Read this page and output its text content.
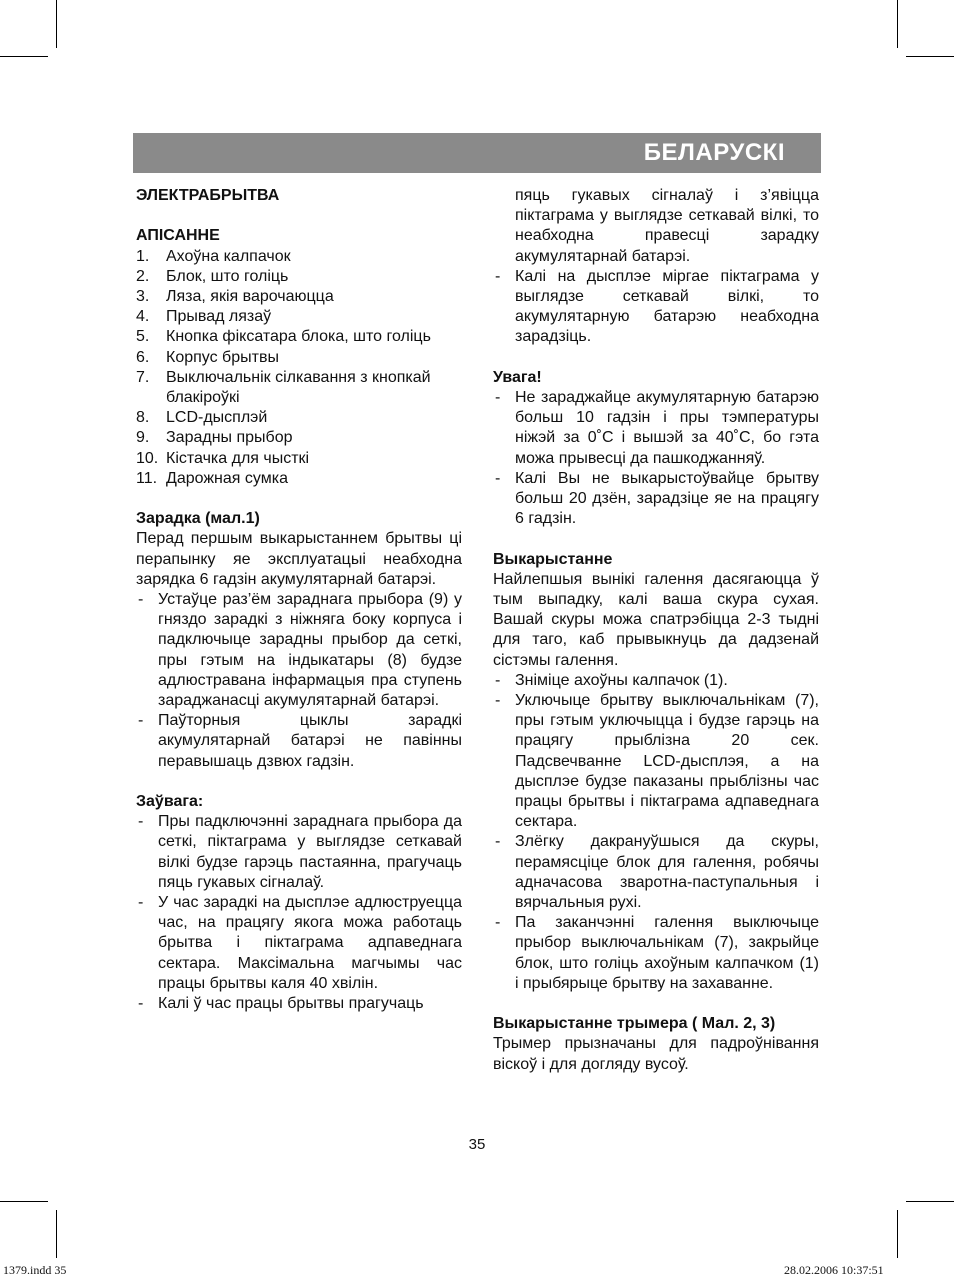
БЕЛАРУСКІ

ЭЛЕКТРАБРЫТВА

АПІСАННЕ

1. Ахоўна калпачок
2. Блок, што голіць
3. Ляза, якія варочаюцца
4. Прывад лязаў
5. Кнопка фіксатара блока, што голіць
6. Корпус брытвы
7. Выключальнік сілкавання з кнопкай блакіроўкі
8. LCD-дысплэй
9. Зарадны прыбор
10. Кістачка для чысткі
11. Дарожная сумка

Зарадка (мал.1)

Перад першым выкарыстаннем брытвы ці перапынку яе эксплуатацыі неабходна зарядка 6 гадзін акумулятарнай батарэі.

- Устаўце раз’ём зараднага прыбора (9) у гняздо зарадкі з ніжняга боку корпуса і падключыце зарадны прыбор да сеткі, пры гэтым на індыкатары (8) будзе адлюстравана інфармацыя пра ступень зараджанасці акумулятарнай батарэі.
- Паўторныя цыклы зарадкі акумулятарнай батарэі не павінны перавышаць дзвюх гадзін.

Заўвага:

- Пры падключэнні зараднага прыбора да сеткі, піктаграма у выглядзе сеткавай вілкі будзе гарэць пастаянна, прагучаць пяць гукавых сігналаў.
- У час зарадкі на дысплэе адлюструецца час, на працягу якога можа работаць брытва і піктаграма адпаведнага сектара. Максімальна магчымы час працы брытвы каля 40 хвілін.
- Калі ў час працы брытвы прагучаць

пяць гукавых сігналаў і з’явіцца піктаграма у выглядзе сеткавай вілкі, то неабходна правесці зарадку акумулятарнай батарэі.

- Калі на дысплэе міргае піктаграма у выглядзе сеткавай вілкі, то акумулятарную батарэю неабходна зарадзіць.

Увага!

- Не зараджайце акумулятарную батарэю больш 10 гадзін і пры тэмпературы ніжэй за 0˚С і вышэй за 40˚С, бо гэта можа прывесці да пашкоджанняў.
- Калі Вы не выкарыстоўвайце брытву больш 20 дзён, зарадзіце яе на працягу 6 гадзін.

Выкарыстанне

Найлепшыя вынікі галення дасягаюцца ў тым выпадку, калі ваша скура сухая. Вашай скуры можа спатрэбіцца 2-3 тыдні для таго, каб прывыкнуць да дадзенай сістэмы галення.

- Зніміце ахоўны калпачок (1).
- Уключыце брытву выключальнікам (7), пры гэтым уключыцца і будзе гарэць на працягу прыблізна 20 сек. Падсвечванне LCD-дысплэя, а на дысплэе будзе паказаны прыблізны час працы брытвы і піктаграма адпаведнага сектара.
- Злёгку дакрануўшыся да скуры, перамясціце блок для галення, робячы адначасова зваротна-паступальныя і вярчальныя рухі.
- Па заканчэнні галення выключыце прыбор выключальнікам (7), закрыйце блок, што голіць ахоўным калпачком (1) і прыбярыце брытву на захаванне.

Выкарыстанне трымера ( Мал. 2, 3)

Трымер прызначаны для падроўнівання віскоў і для догляду вусоў.

35
1379.indd 35	28.02.2006 10:37:51
